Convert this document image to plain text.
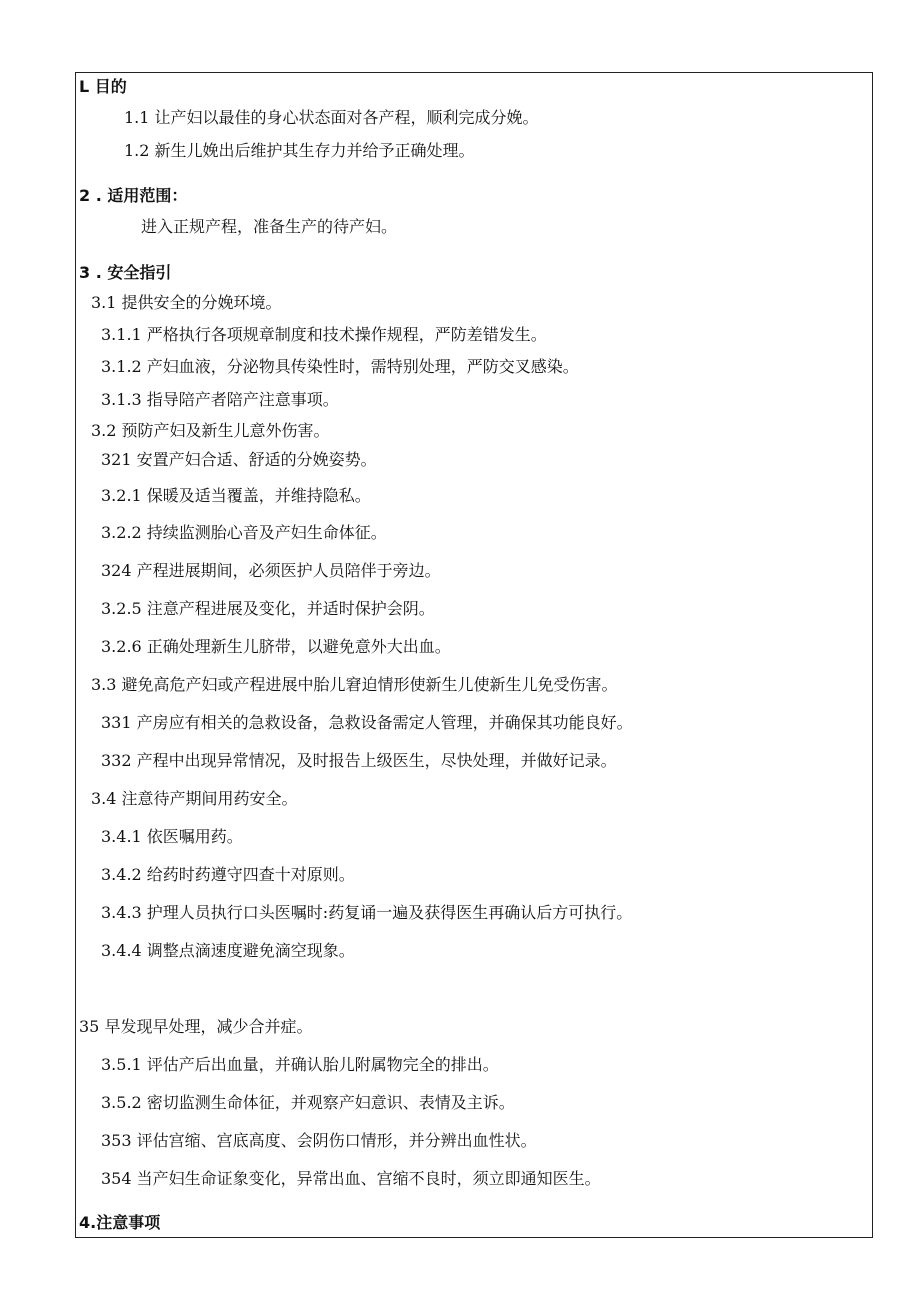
L 目的
1.1 让产妇以最佳的身心状态面对各产程，顺利完成分娩。
1.2 新生儿娩出后维护其生存力并给予正确处理。
2 . 适用范围：
进入正规产程，准备生产的待产妇。
3 . 安全指引
3.1 提供安全的分娩环境。
3.1.1 严格执行各项规章制度和技术操作规程，严防差错发生。
3.1.2 产妇血液，分泌物具传染性时，需特别处理，严防交叉感染。
3.1.3 指导陪产者陪产注意事项。
3.2 预防产妇及新生儿意外伤害。
321 安置产妇合适、舒适的分娩姿势。
3.2.1 保暖及适当覆盖，并维持隐私。
3.2.2 持续监测胎心音及产妇生命体征。
324 产程进展期间，必须医护人员陪伴于旁边。
3.2.5 注意产程进展及变化，并适时保护会阴。
3.2.6 正确处理新生儿脐带，以避免意外大出血。
3.3 避免高危产妇或产程进展中胎儿窘迫情形使新生儿使新生儿免受伤害。
331 产房应有相关的急救设备，急救设备需定人管理，并确保其功能良好。
332 产程中出现异常情况，及时报告上级医生，尽快处理，并做好记录。
3.4 注意待产期间用药安全。
3.4.1 依医嘱用药。
3.4.2 给药时药遵守四查十对原则。
3.4.3 护理人员执行口头医嘱时:药复诵一遍及获得医生再确认后方可执行。
3.4.4 调整点滴速度避免滴空现象。
35 早发现早处理，减少合并症。
3.5.1 评估产后出血量，并确认胎儿附属物完全的排出。
3.5.2 密切监测生命体征，并观察产妇意识、表情及主诉。
353 评估宫缩、宫底高度、会阴伤口情形，并分辨出血性状。
354 当产妇生命证象变化，异常出血、宫缩不良时，须立即通知医生。
4.注意事项
